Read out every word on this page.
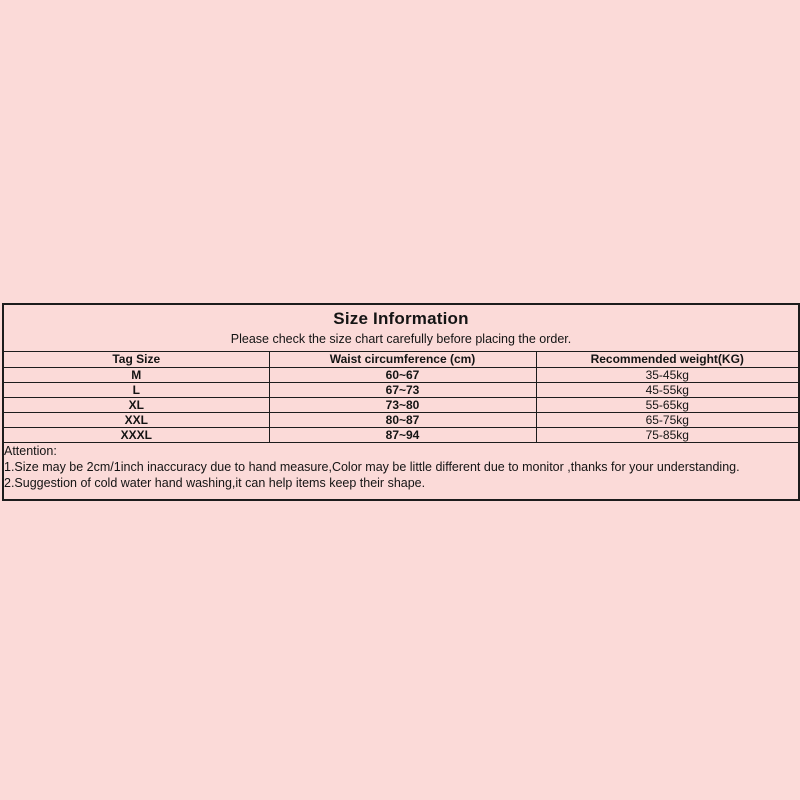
Size Information
Please check the size chart carefully before placing the order.		

Tag Size	Waist circumference (cm)	Recommended weight(KG)
M	60~67	35-45kg
L	67~73	45-55kg
XL	73~80	55-65kg
XXL	80~87	65-75kg
XXXL	87~94	75-85kg

Attention:
1.Size may be 2cm/1inch inaccuracy due to hand measure,Color may be little different due to monitor ,thanks for your understanding.
2.Suggestion of cold water hand washing,it can help items keep their shape.		
